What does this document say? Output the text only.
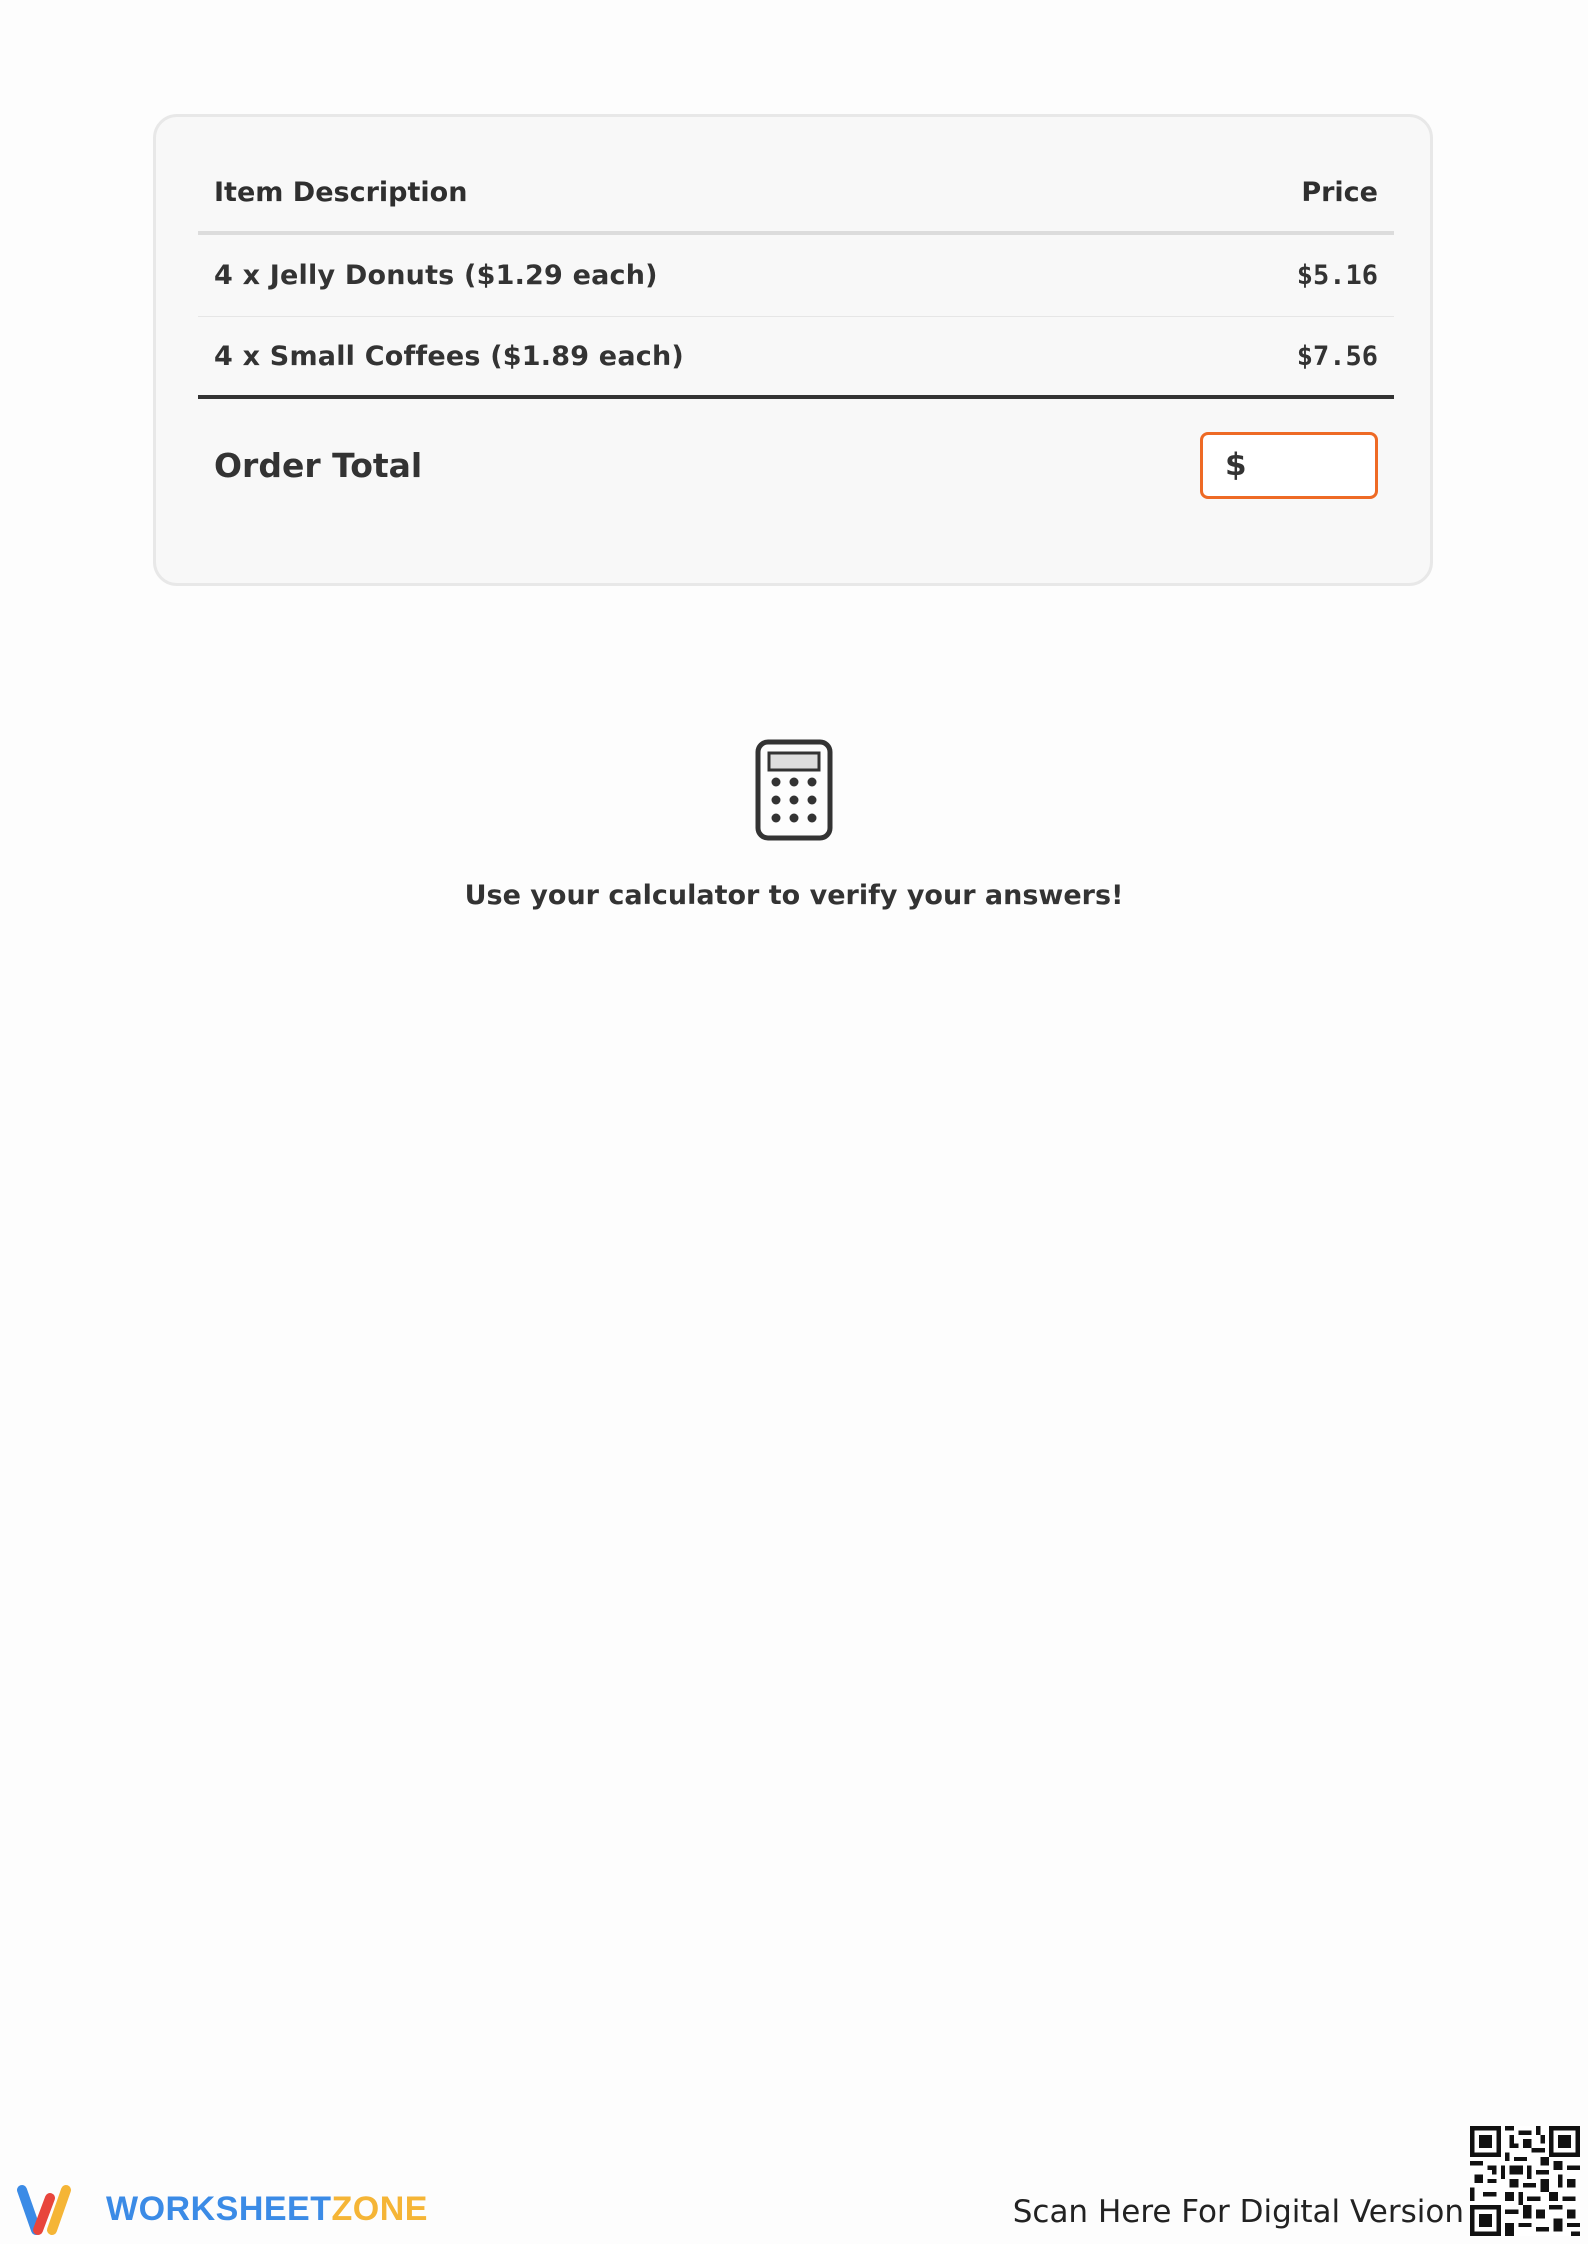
Item Description	Price
4 x Jelly Donuts ($1.29 each)	$5.16
4 x Small Coffees ($1.89 each)	$7.56
Order Total	$
Use your calculator to verify your answers!
WORKSHEETZONE	Scan Here For Digital Version
